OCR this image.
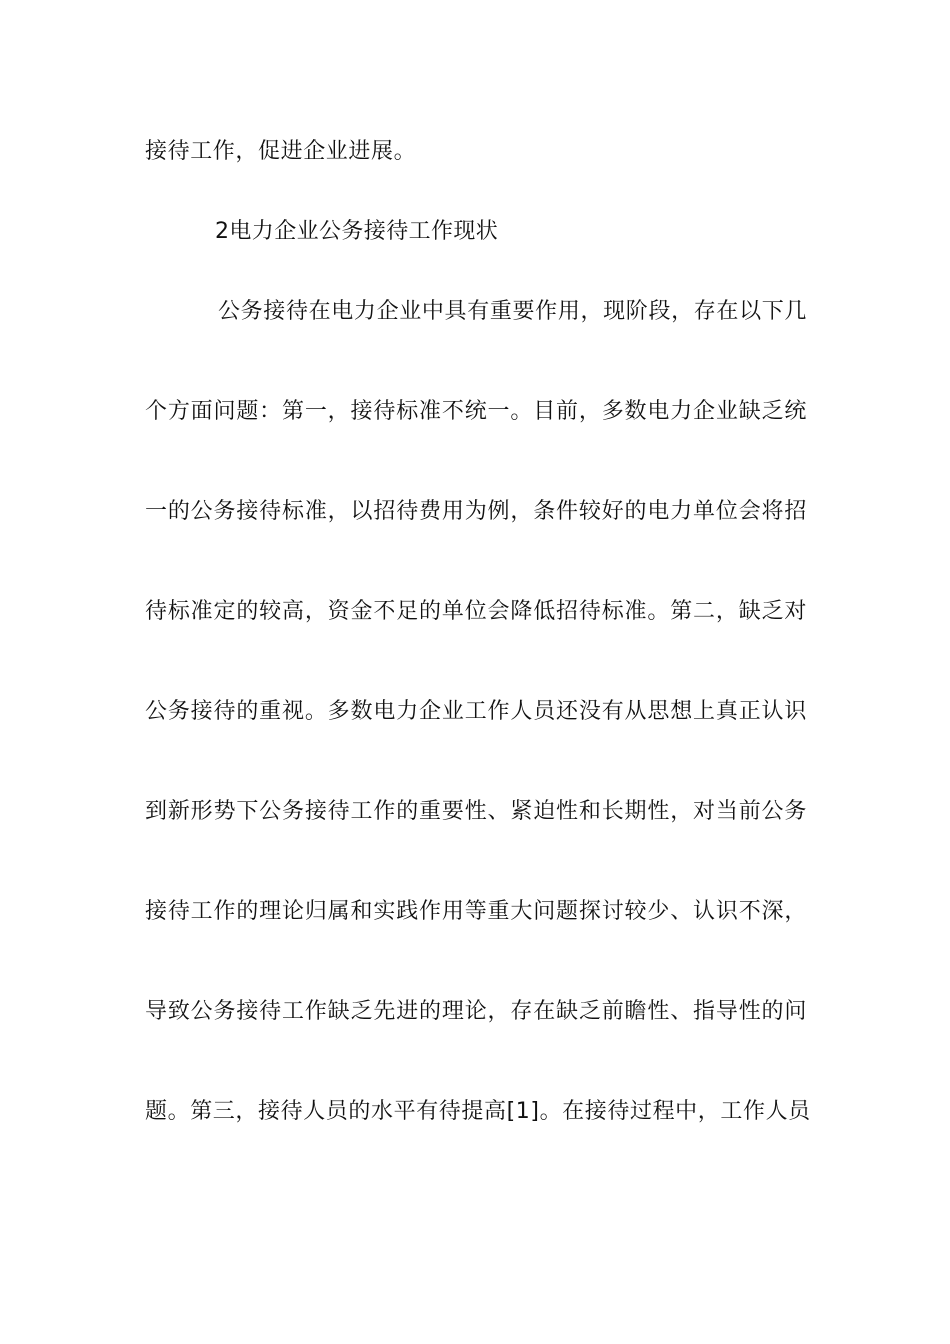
接待工作，促进企业进展。
2电力企业公务接待工作现状
公务接待在电力企业中具有重要作用，现阶段，存在以下几
个方面问题：第一，接待标准不统一。目前，多数电力企业缺乏统
一的公务接待标准，以招待费用为例，条件较好的电力单位会将招
待标准定的较高，资金不足的单位会降低招待标准。第二，缺乏对
公务接待的重视。多数电力企业工作人员还没有从思想上真正认识
到新形势下公务接待工作的重要性、紧迫性和长期性，对当前公务
接待工作的理论归属和实践作用等重大问题探讨较少、认识不深，
导致公务接待工作缺乏先进的理论，存在缺乏前瞻性、指导性的问
题。第三，接待人员的水平有待提高[1]。在接待过程中，工作人员
